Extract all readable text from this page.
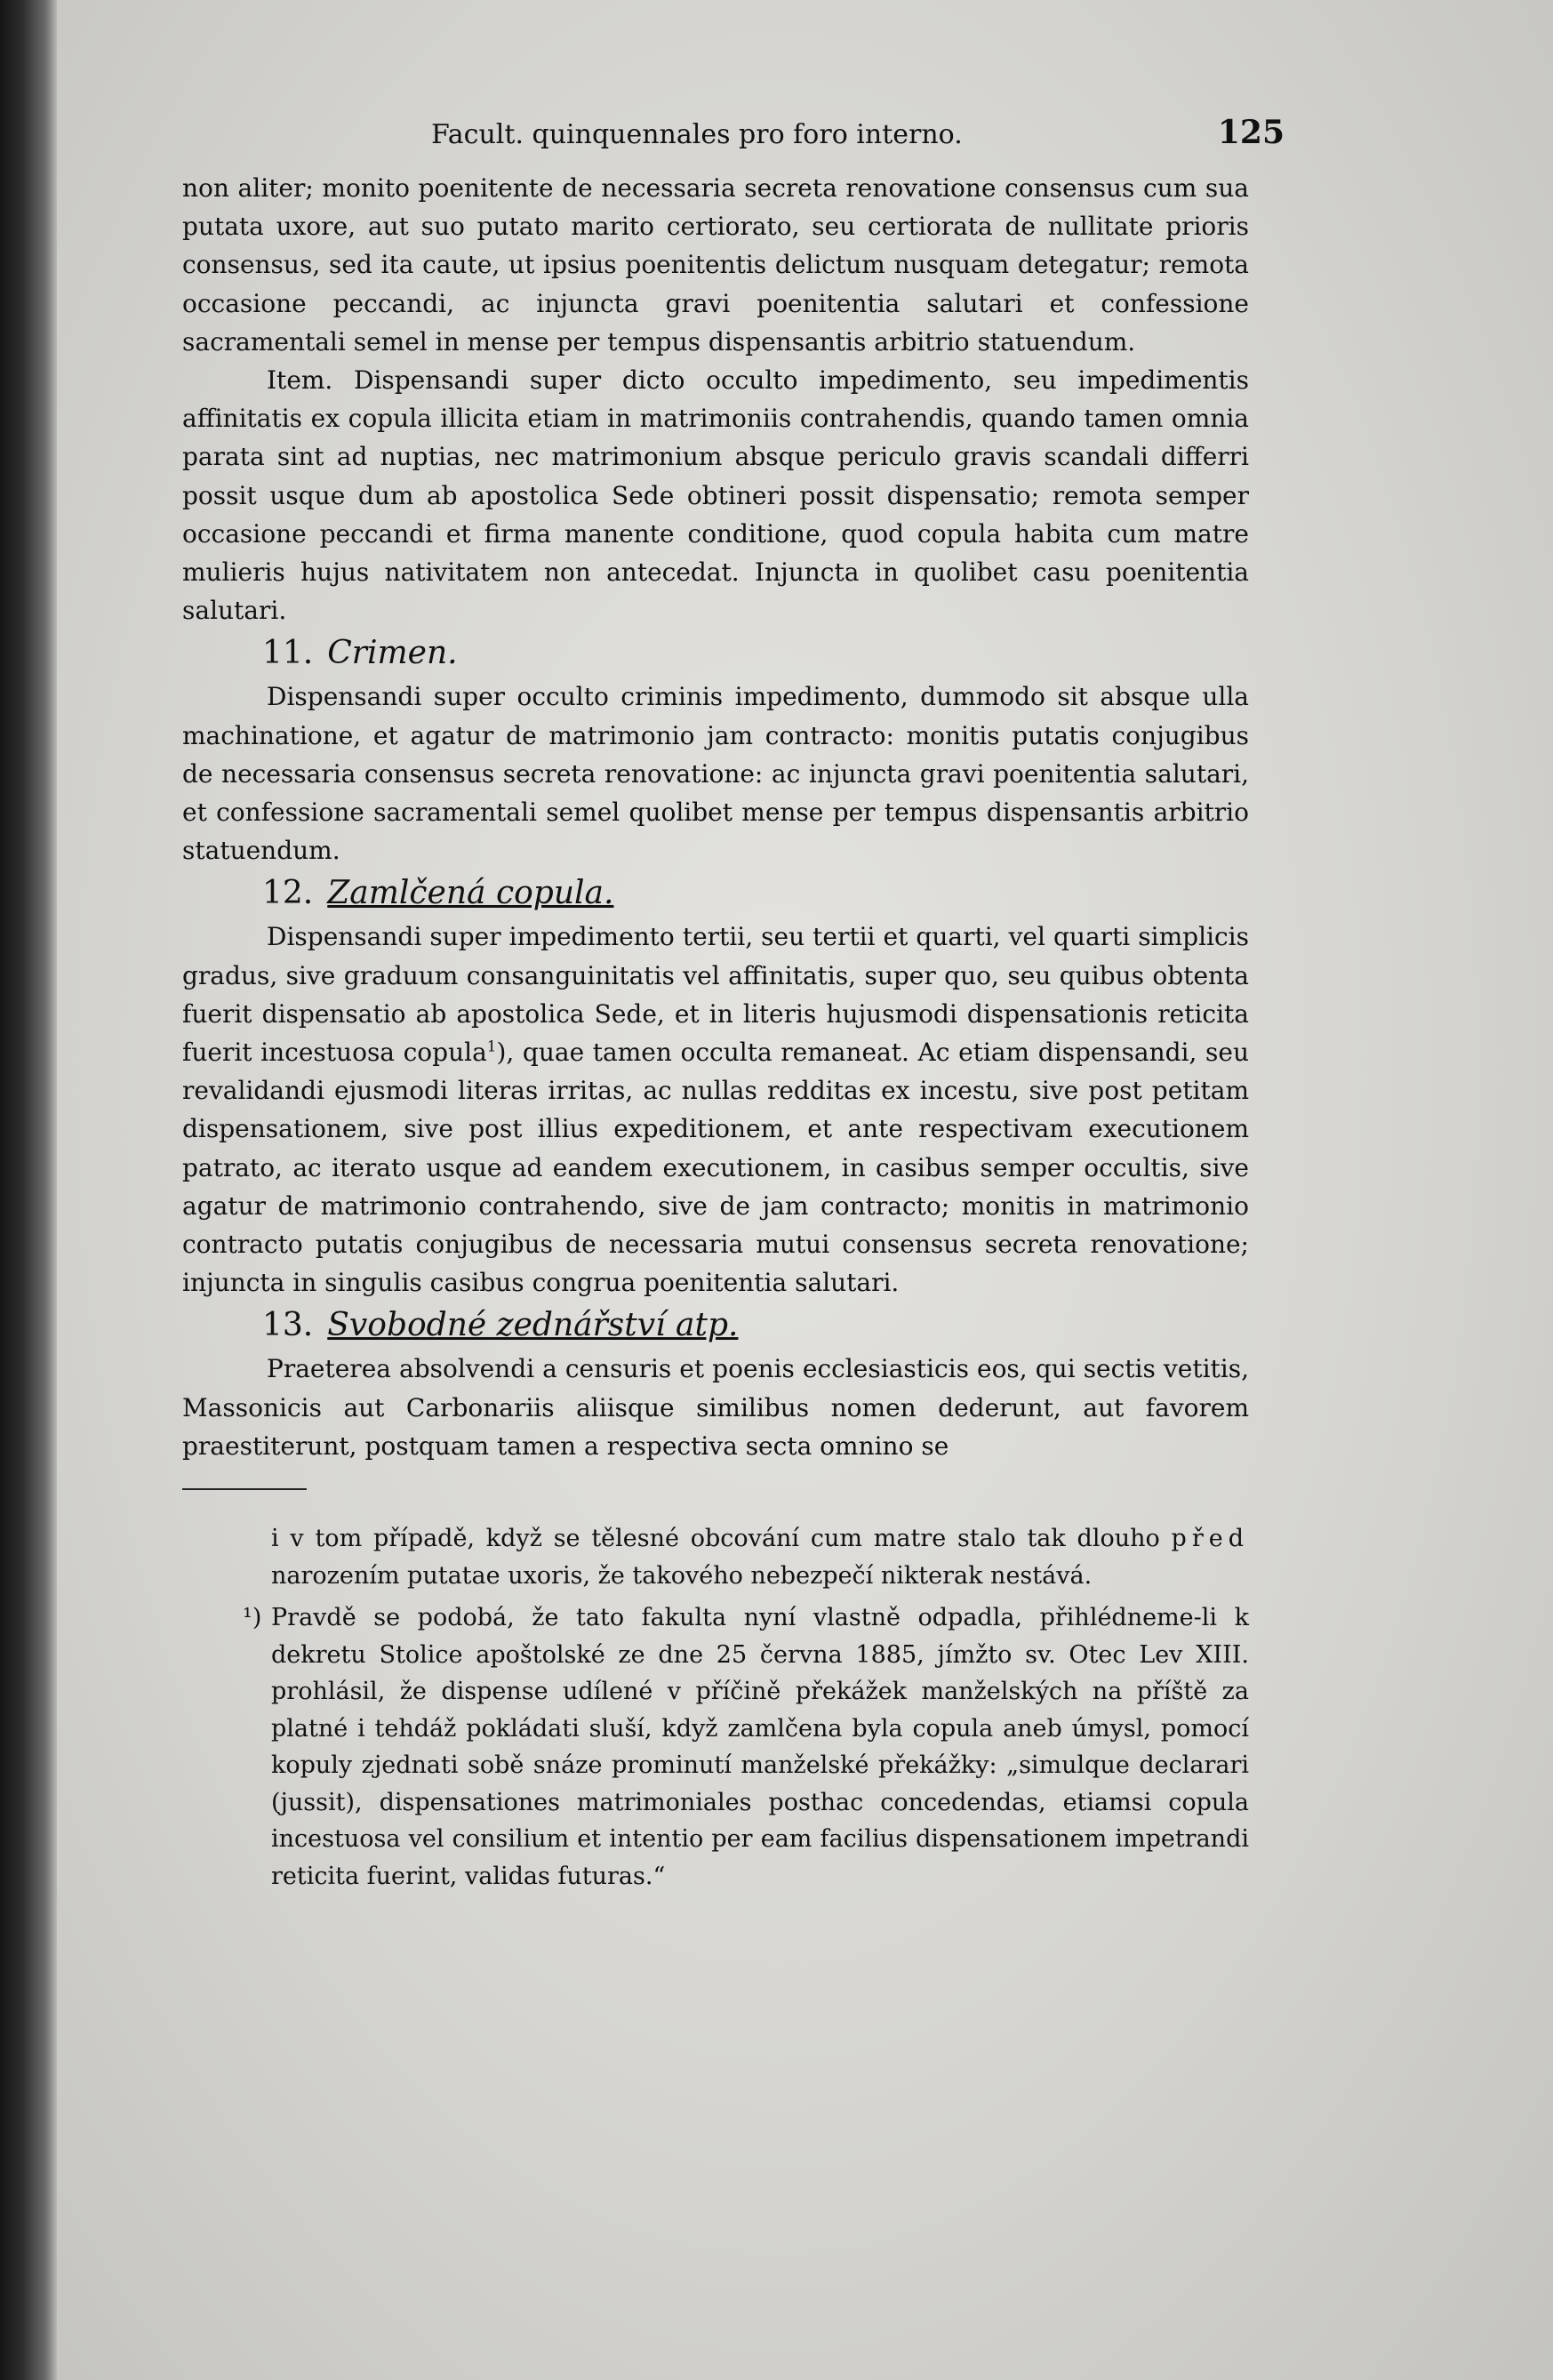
Facult. quinquennales pro foro interno.	125

non aliter; monito poenitente de necessaria secreta renovatione consensus cum sua putata uxore, aut suo putato marito certiorato, seu certiorata de nullitate prioris consensus, sed ita caute, ut ipsius poenitentis delictum nusquam detegatur; remota occasione peccandi, ac injuncta gravi poenitentia salutari et confessione sacramentali semel in mense per tempus dispensantis arbitrio statuendum.

Item. Dispensandi super dicto occulto impedimento, seu impedimentis affinitatis ex copula illicita etiam in matrimoniis contrahendis, quando tamen omnia parata sint ad nuptias, nec matrimonium absque periculo gravis scandali differri possit usque dum ab apostolica Sede obtineri possit dispensatio; remota semper occasione peccandi et firma manente conditione, quod copula habita cum matre mulieris hujus nativitatem non antecedat. Injuncta in quolibet casu poenitentia salutari.

11. Crimen.

Dispensandi super occulto criminis impedimento, dummodo sit absque ulla machinatione, et agatur de matrimonio jam contracto: monitis putatis conjugibus de necessaria consensus secreta renovatione: ac injuncta gravi poenitentia salutari, et confessione sacramentali semel quolibet mense per tempus dispensantis arbitrio statuendum.

12. Zamlčená copula.

Dispensandi super impedimento tertii, seu tertii et quarti, vel quarti simplicis gradus, sive graduum consanguinitatis vel affinitatis, super quo, seu quibus obtenta fuerit dispensatio ab apostolica Sede, et in literis hujusmodi dispensationis reticita fuerit incestuosa copula$^1$), quae tamen occulta remaneat. Ac etiam dispensandi, seu revalidandi ejusmodi literas irritas, ac nullas redditas ex incestu, sive post petitam dispensationem, sive post illius expeditionem, et ante respectivam executionem patrato, ac iterato usque ad eandem executionem, in casibus semper occultis, sive agatur de matrimonio contrahendo, sive de jam contracto; monitis in matrimonio contracto putatis conjugibus de necessaria mutui consensus secreta renovatione; injuncta in singulis casibus congrua poenitentia salutari.

13. Svobodné zednářství atp.

Praeterea absolvendi a censuris et poenis ecclesiasticis eos, qui sectis vetitis, Massonicis aut Carbonariis aliisque similibus nomen dederunt, aut favorem praestiterunt, postquam tamen a respectiva secta omnino se

i v tom případě, když se tělesné obcování cum matre stalo tak dlouho před narozením putatae uxoris, že takového nebezpečí nikterak nestává.

¹) Pravdě se podobá, že tato fakulta nyní vlastně odpadla, přihlédneme-li k dekretu Stolice apoštolské ze dne 25 června 1885, jímžto sv. Otec Lev XIII. prohlásil, že dispense udílené v příčině překážek manželských na příště za platné i tehdáž pokládati sluší, když zamlčena byla copula aneb úmysl, pomocí kopuly zjednati sobě snáze prominutí manželské překážky: „simulque declarari (jussit), dispensationes matrimoniales posthac concedendas, etiamsi copula incestuosa vel consilium et intentio per eam facilius dispensationem impetrandi reticita fuerint, validas futuras.“
